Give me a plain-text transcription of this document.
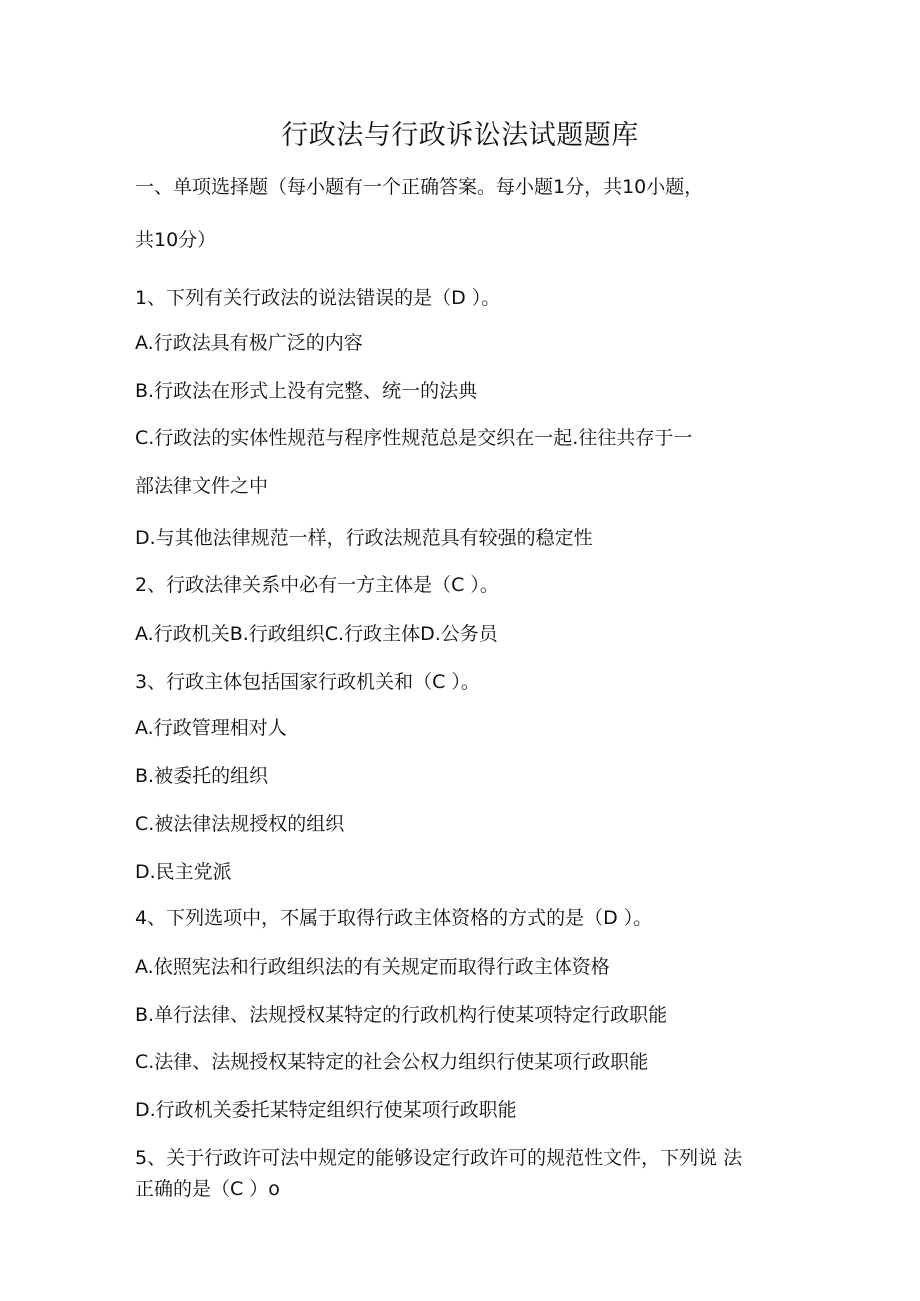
行政法与行政诉讼法试题题库
一、单项选择题（每小题有一个正确答案。每小题1分，共10小题，
共10分）
1、下列有关行政法的说法错误的是（D ）。
A.行政法具有极广泛的内容
B.行政法在形式上没有完整、统一的法典
C.行政法的实体性规范与程序性规范总是交织在一起.往往共存于一
部法律文件之中
D.与其他法律规范一样，行政法规范具有较强的稳定性
2、行政法律关系中必有一方主体是（C ）。
A.行政机关B.行政组织C.行政主体D.公务员
3、行政主体包括国家行政机关和（C ）。
A.行政管理相对人
B.被委托的组织
C.被法律法规授权的组织
D.民主党派
4、下列选项中，不属于取得行政主体资格的方式的是（D ）。
A.依照宪法和行政组织法的有关规定而取得行政主体资格
B.单行法律、法规授权某特定的行政机构行使某项特定行政职能
C.法律、法规授权某特定的社会公权力组织行使某项行政职能
D.行政机关委托某特定组织行使某项行政职能
5、关于行政许可法中规定的能够设定行政许可的规范性文件，下列说 法
正确的是（C ）o
